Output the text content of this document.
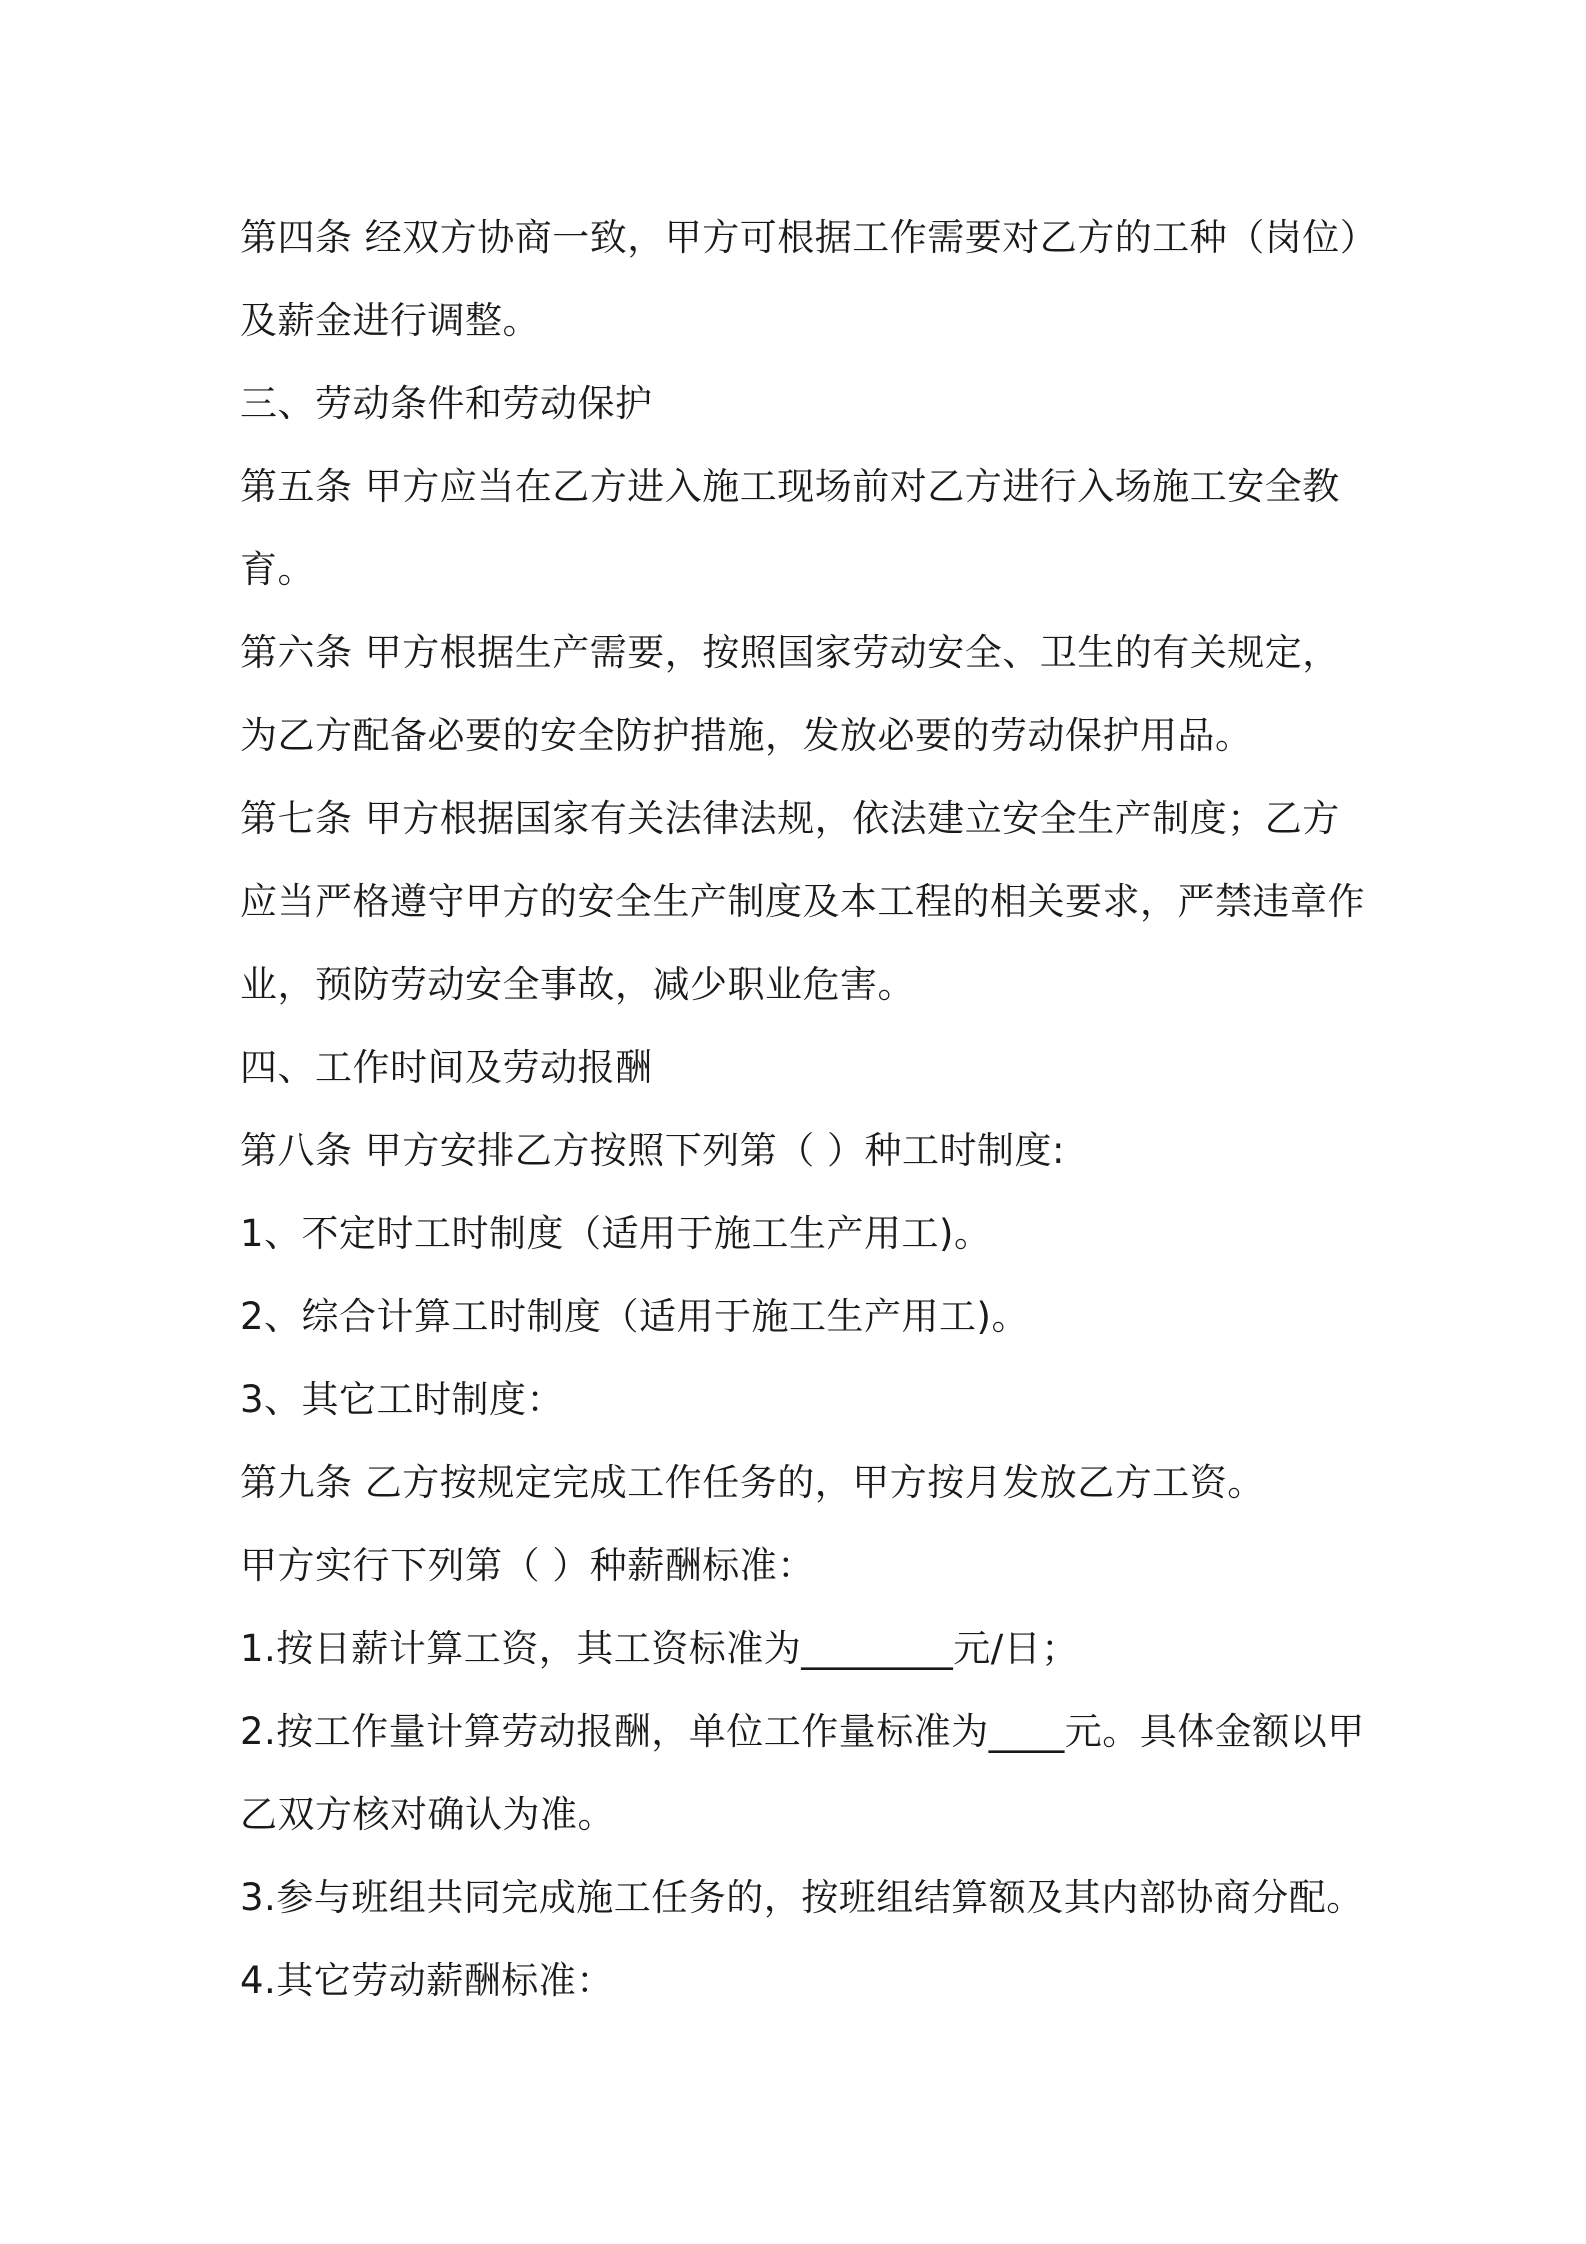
第四条 经双方协商一致，甲方可根据工作需要对乙方的工种（岗位）
及薪金进行调整。
三、劳动条件和劳动保护
第五条 甲方应当在乙方进入施工现场前对乙方进行入场施工安全教
育。
第六条 甲方根据生产需要，按照国家劳动安全、卫生的有关规定，
为乙方配备必要的安全防护措施，发放必要的劳动保护用品。
第七条 甲方根据国家有关法律法规，依法建立安全生产制度；乙方
应当严格遵守甲方的安全生产制度及本工程的相关要求，严禁违章作
业，预防劳动安全事故，减少职业危害。
四、工作时间及劳动报酬
第八条 甲方安排乙方按照下列第（ ）种工时制度:
1、不定时工时制度（适用于施工生产用工)。
2、综合计算工时制度（适用于施工生产用工)。
3、其它工时制度：
第九条 乙方按规定完成工作任务的，甲方按月发放乙方工资。
甲方实行下列第（ ）种薪酬标准：
1.按日薪计算工资，其工资标准为________元/日；
2.按工作量计算劳动报酬，单位工作量标准为____元。具体金额以甲
乙双方核对确认为准。
3.参与班组共同完成施工任务的，按班组结算额及其内部协商分配。
4.其它劳动薪酬标准：
